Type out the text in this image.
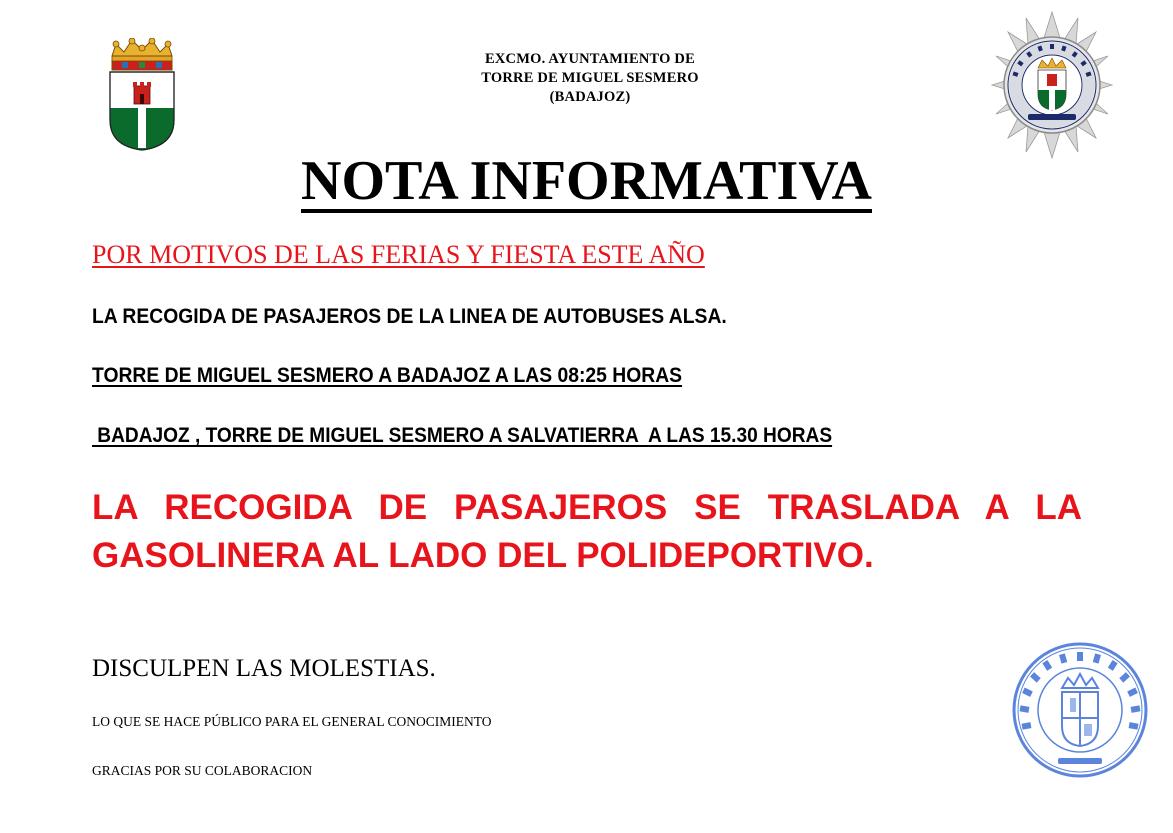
EXCMO. AYUNTAMIENTO DE
TORRE DE MIGUEL SESMERO
(BADAJOZ)
NOTA INFORMATIVA
POR MOTIVOS DE LAS FERIAS Y FIESTA ESTE AÑO
LA RECOGIDA DE PASAJEROS DE LA LINEA DE AUTOBUSES ALSA.
TORRE DE MIGUEL SESMERO A BADAJOZ A LAS 08:25 HORAS
BADAJOZ , TORRE DE MIGUEL SESMERO A SALVATIERRA  A LAS 15.30 HORAS
LA RECOGIDA DE PASAJEROS SE TRASLADA A LA
GASOLINERA AL LADO DEL POLIDEPORTIVO.
DISCULPEN LAS MOLESTIAS.
LO QUE SE HACE PÚBLICO PARA EL GENERAL CONOCIMIENTO
GRACIAS POR SU COLABORACION
